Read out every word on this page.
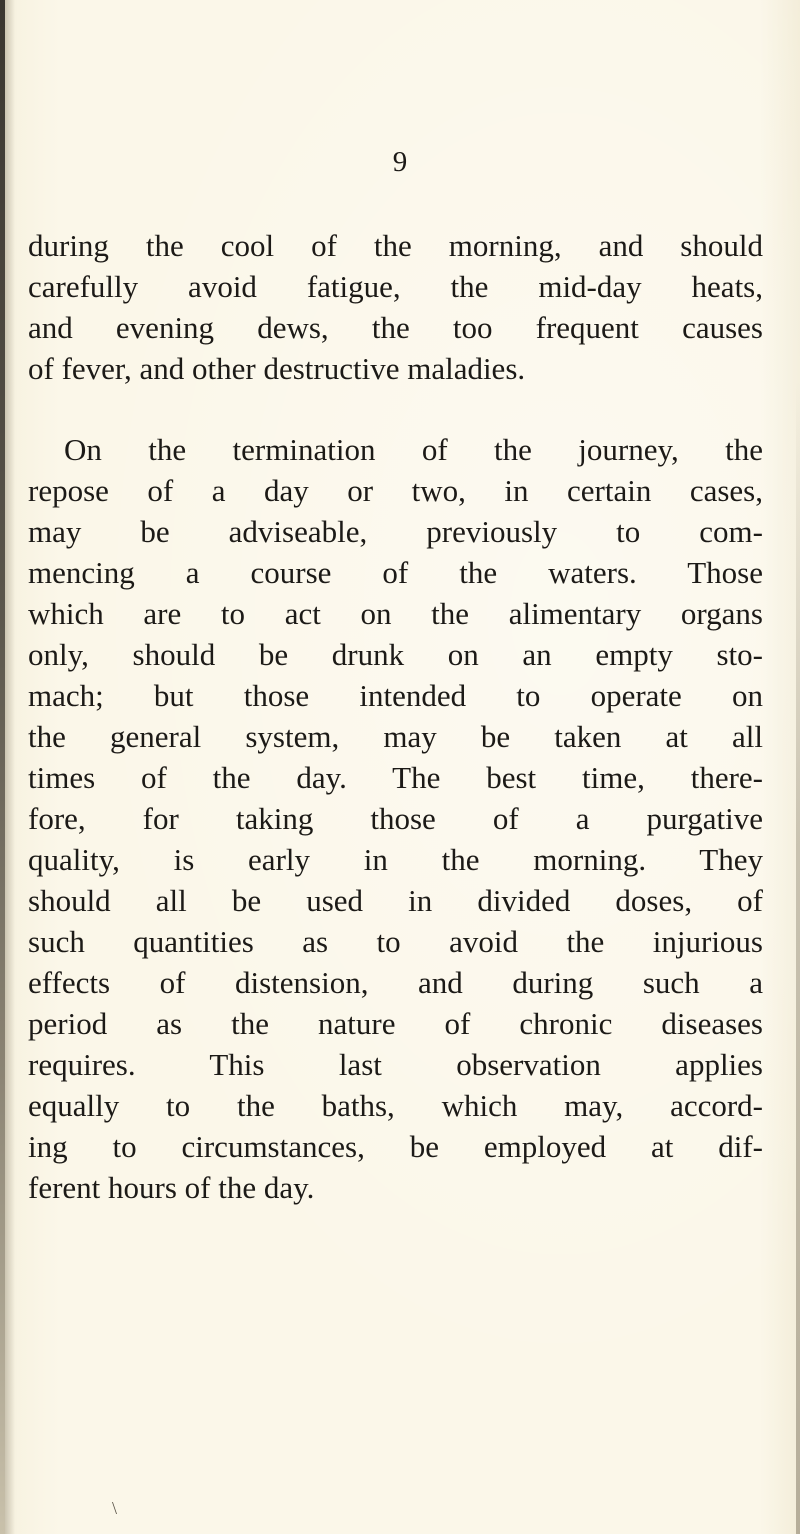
9

during the cool of the morning, and should
carefully avoid fatigue, the mid-day heats,
and evening dews, the too frequent causes
of fever, and other destructive maladies.

On the termination of the journey, the
repose of a day or two, in certain cases,
may be adviseable, previously to com-
mencing a course of the waters. Those
which are to act on the alimentary organs
only, should be drunk on an empty sto-
mach; but those intended to operate on
the general system, may be taken at all
times of the day. The best time, there-
fore, for taking those of a purgative
quality, is early in the morning. They
should all be used in divided doses, of
such quantities as to avoid the injurious
effects of distension, and during such a
period as the nature of chronic diseases
requires. This last observation applies
equally to the baths, which may, accord-
ing to circumstances, be employed at dif-
ferent hours of the day.

\
